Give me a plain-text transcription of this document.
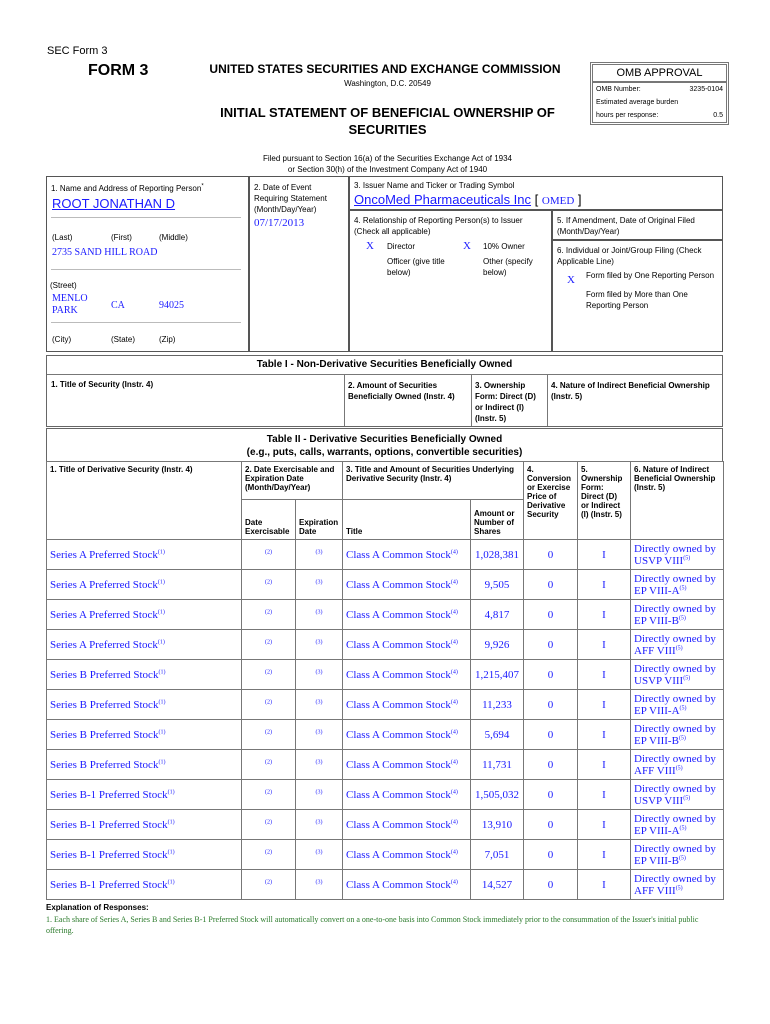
SEC Form 3
FORM 3	UNITED STATES SECURITIES AND EXCHANGE COMMISSION
Washington, D.C. 20549
INITIAL STATEMENT OF BENEFICIAL OWNERSHIP OF SECURITIES
Filed pursuant to Section 16(a) of the Securities Exchange Act of 1934
or Section 30(h) of the Investment Company Act of 1940
OMB APPROVAL
OMB Number:	3235-0104
Estimated average burden
hours per response:	0.5
1. Name and Address of Reporting Person*
ROOT JONATHAN D
(Last)	(First)	(Middle)
2735 SAND HILL ROAD
(Street)
MENLO PARK	CA	94025
(City)	(State)	(Zip)
2. Date of Event Requiring Statement (Month/Day/Year)
07/17/2013
3. Issuer Name and Ticker or Trading Symbol
OncoMed Pharmaceuticals Inc [ OMED ]
4. Relationship of Reporting Person(s) to Issuer (Check all applicable)
X Director	X 10% Owner
Officer (give title below)
Other (specify below)
5. If Amendment, Date of Original Filed (Month/Day/Year)
6. Individual or Joint/Group Filing (Check Applicable Line)
X	Form filed by One Reporting Person
Form filed by More than One Reporting Person
Table I - Non-Derivative Securities Beneficially Owned
1. Title of Security (Instr. 4)	2. Amount of Securities Beneficially Owned (Instr. 4)
3. Ownership Form: Direct (D) or Indirect (I) (Instr. 5)
4. Nature of Indirect Beneficial Ownership (Instr. 5)
Table II - Derivative Securities Beneficially Owned
(e.g., puts, calls, warrants, options, convertible securities)
1. Title of Derivative Security (Instr. 4)	2. Date Exercisable and Expiration Date (Month/Day/Year)		3. Title and Amount of Securities Underlying Derivative Security (Instr. 4)		4. Conversion or Exercise Price of Derivative Security	5. Ownership Form: Direct (D) or Indirect (I) (Instr. 5)	6. Nature of Indirect Beneficial Ownership (Instr. 5)
	Date Exercisable	Expiration Date	Title	Amount or Number of Shares			
Series A Preferred Stock$^{(1)}$	$^{(2)}$	$^{(3)}$	Class A Common Stock$^{(4)}$	1,028,381	0	I	Directly owned by USVP VIII$^{(5)}$
Series A Preferred Stock$^{(1)}$	$^{(2)}$	$^{(3)}$	Class A Common Stock$^{(4)}$	9,505	0	I	Directly owned by EP VIII-$A^{(5)}$
Series A Preferred Stock$^{(1)}$	$^{(2)}$	$^{(3)}$	Class A Common Stock$^{(4)}$	4,817	0	I	Directly owned by EP VIII-$B^{(5)}$
Series A Preferred Stock$^{(1)}$	$^{(2)}$	$^{(3)}$	Class A Common Stock$^{(4)}$	9,926	0	I	Directly owned by AFF VIII$^{(5)}$
Series B Preferred Stock$^{(1)}$	$^{(2)}$	$^{(3)}$	Class A Common Stock$^{(4)}$	1,215,407	0	I	Directly owned by USVP VIII$^{(5)}$
Series B Preferred Stock$^{(1)}$	$^{(2)}$	$^{(3)}$	Class A Common Stock$^{(4)}$	11,233	0	I	Directly owned by EP VIII-$A^{(5)}$
Series B Preferred Stock$^{(1)}$	$^{(2)}$	$^{(3)}$	Class A Common Stock$^{(4)}$	5,694	0	I	Directly owned by EP VIII-$B^{(5)}$
Series B Preferred Stock$^{(1)}$	$^{(2)}$	$^{(3)}$	Class A Common Stock$^{(4)}$	11,731	0	I	Directly owned by AFF VIII$^{(5)}$
Series B-1 Preferred Stock$^{(1)}$	$^{(2)}$	$^{(3)}$	Class A Common Stock$^{(4)}$	1,505,032	0	I	Directly owned by USVP VIII$^{(5)}$
Series B-1 Preferred Stock$^{(1)}$	$^{(2)}$	$^{(3)}$	Class A Common Stock$^{(4)}$	13,910	0	I	Directly owned by EP VIII-$A^{(5)}$
Series B-1 Preferred Stock$^{(1)}$	$^{(2)}$	$^{(3)}$	Class A Common Stock$^{(4)}$	7,051	0	I	Directly owned by EP VIII-$B^{(5)}$
Series B-1 Preferred Stock$^{(1)}$	$^{(2)}$	$^{(3)}$	Class A Common Stock$^{(4)}$	14,527	0	I	Directly owned by AFF VIII$^{(5)}$
Explanation of Responses:
1. Each share of Series A, Series B and Series B-1 Preferred Stock will automatically convert on a one-to-one basis into Common Stock immediately prior to the consummation of the Issuer's initial public offering.
